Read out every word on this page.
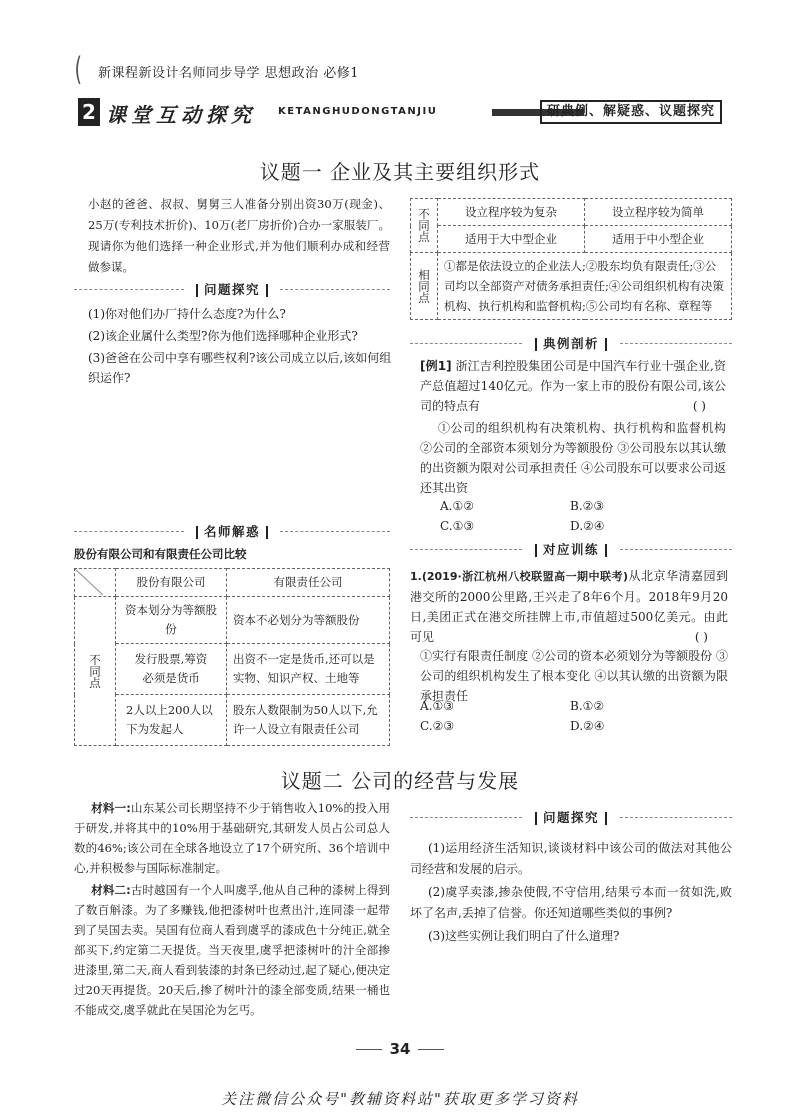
( 新课程新设计名师同步导学 思想政治 必修1
2 课堂互动探究 KETANGHUDONGTANJIU	研典例、解疑惑、议题探究
议题一 企业及其主要组织形式
小赵的爸爸、叔叔、舅舅三人准备分别出资30万(现金)、25万(专利技术折价)、10万(老厂房折价)合办一家服装厂。现请你为他们选择一种企业形式,并为他们顺利办成和经营做参谋。
问题探究
(1)你对他们办厂持什么态度?为什么?
(2)该企业属什么类型?你为他们选择哪种企业形式?
(3)爸爸在公司中享有哪些权利?该公司成立以后,该如何组织运作?
名师解惑
股份有限公司和有限责任公司比较
	股份有限公司	有限责任公司

不同点	资本划分为等额股份	资本不必划分为等额股份
	发行股票,筹资必须是货币	出资不一定是货币,还可以是实物、知识产权、土地等
	2人以上200人以下为发起人	股东人数限制为50人以下,允许一人设立有限责任公司
不同点	设立程序较为复杂	设立程序较为简单
	适用于大中型企业	适用于中小型企业

相同点	①都是依法设立的企业法人;②股东均负有限责任;③公司均以全部资产对债务承担责任;④公司组织机构有决策机构、执行机构和监督机构;⑤公司均有名称、章程等	
典例剖析
[例1] 浙江吉利控股集团公司是中国汽车行业十强企业,资产总值超过140亿元。作为一家上市的股份有限公司,该公司的特点有	( )
①公司的组织机构有决策机构、执行机构和监督机构 ②公司的全部资本须划分为等额股份 ③公司股东以其认缴的出资额为限对公司承担责任 ④公司股东可以要求公司返还其出资
A.①②	B.②③
C.①③	D.②④
对应训练
1.(2019·浙江杭州八校联盟高一期中联考)从北京华清嘉园到港交所的2000公里路,王兴走了8年6个月。2018年9月20日,美团正式在港交所挂牌上市,市值超过500亿美元。由此可见	( )
①实行有限责任制度 ②公司的资本必须划分为等额股份 ③公司的组织机构发生了根本变化 ④以其认缴的出资额为限承担责任
A.①③	B.①②
C.②③	D.②④
议题二 公司的经营与发展
材料一:山东某公司长期坚持不少于销售收入10%的投入用于研发,并将其中的10%用于基础研究,其研发人员占公司总人数的46%;该公司在全球各地设立了17个研究所、36个培训中心,并积极参与国际标准制定。
材料二:古时越国有一个人叫虞孚,他从自己种的漆树上得到了数百斛漆。为了多赚钱,他把漆树叶也煮出汁,连同漆一起带到了吴国去卖。吴国有位商人看到虞孚的漆成色十分纯正,就全部买下,约定第二天提货。当天夜里,虞孚把漆树叶的汁全部掺进漆里,第二天,商人看到装漆的封条已经动过,起了疑心,便决定过20天再提货。20天后,掺了树叶汁的漆全部变质,结果一桶也不能成交,虞孚就此在吴国沦为乞丐。
问题探究
(1)运用经济生活知识,谈谈材料中该公司的做法对其他公司经营和发展的启示。
(2)虞孚卖漆,掺杂使假,不守信用,结果亏本而一贫如洗,败坏了名声,丢掉了信誉。你还知道哪些类似的事例?
(3)这些实例让我们明白了什么道理?
34
关注微信公众号"教辅资料站"获取更多学习资料
